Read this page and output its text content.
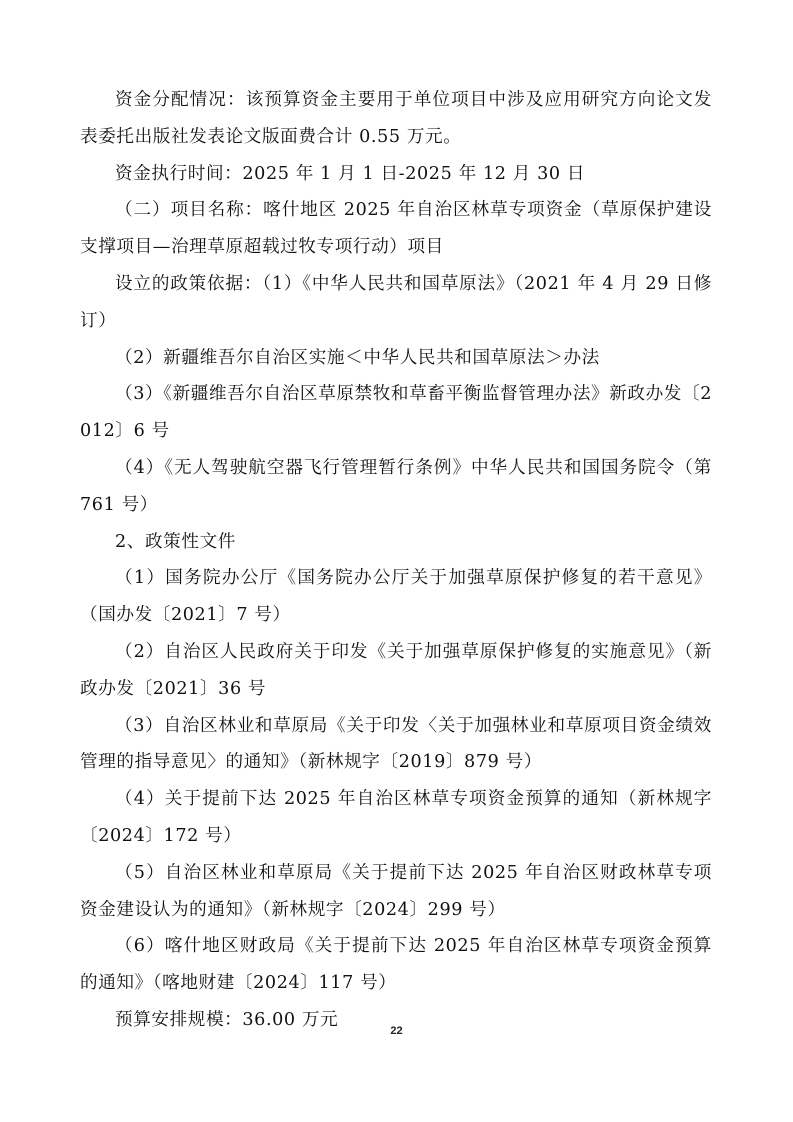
资金分配情况：该预算资金主要用于单位项目中涉及应用研究方向论文发表委托出版社发表论文版面费合计 0.55 万元。

资金执行时间：2025 年 1 月 1 日-2025 年 12 月 30 日

（二）项目名称：喀什地区 2025 年自治区林草专项资金（草原保护建设支撑项目—治理草原超载过牧专项行动）项目

设立的政策依据：（1）《中华人民共和国草原法》（2021 年 4 月 29 日修订）

（2）新疆维吾尔自治区实施＜中华人民共和国草原法＞办法

（3）《新疆维吾尔自治区草原禁牧和草畜平衡监督管理办法》新政办发〔2012〕6 号

（4）《无人驾驶航空器飞行管理暂行条例》中华人民共和国国务院令（第 761 号）

2、政策性文件

（1）国务院办公厅《国务院办公厅关于加强草原保护修复的若干意见》（国办发〔2021〕7 号）

（2）自治区人民政府关于印发《关于加强草原保护修复的实施意见》（新政办发〔2021〕36 号

（3）自治区林业和草原局《关于印发〈关于加强林业和草原项目资金绩效管理的指导意见〉的通知》（新林规字〔2019〕879 号）

（4）关于提前下达 2025 年自治区林草专项资金预算的通知（新林规字〔2024〕172 号）

（5）自治区林业和草原局《关于提前下达 2025 年自治区财政林草专项资金建设认为的通知》（新林规字〔2024〕299 号）

（6）喀什地区财政局《关于提前下达 2025 年自治区林草专项资金预算的通知》（喀地财建〔2024〕117 号）

预算安排规模：36.00 万元

22
